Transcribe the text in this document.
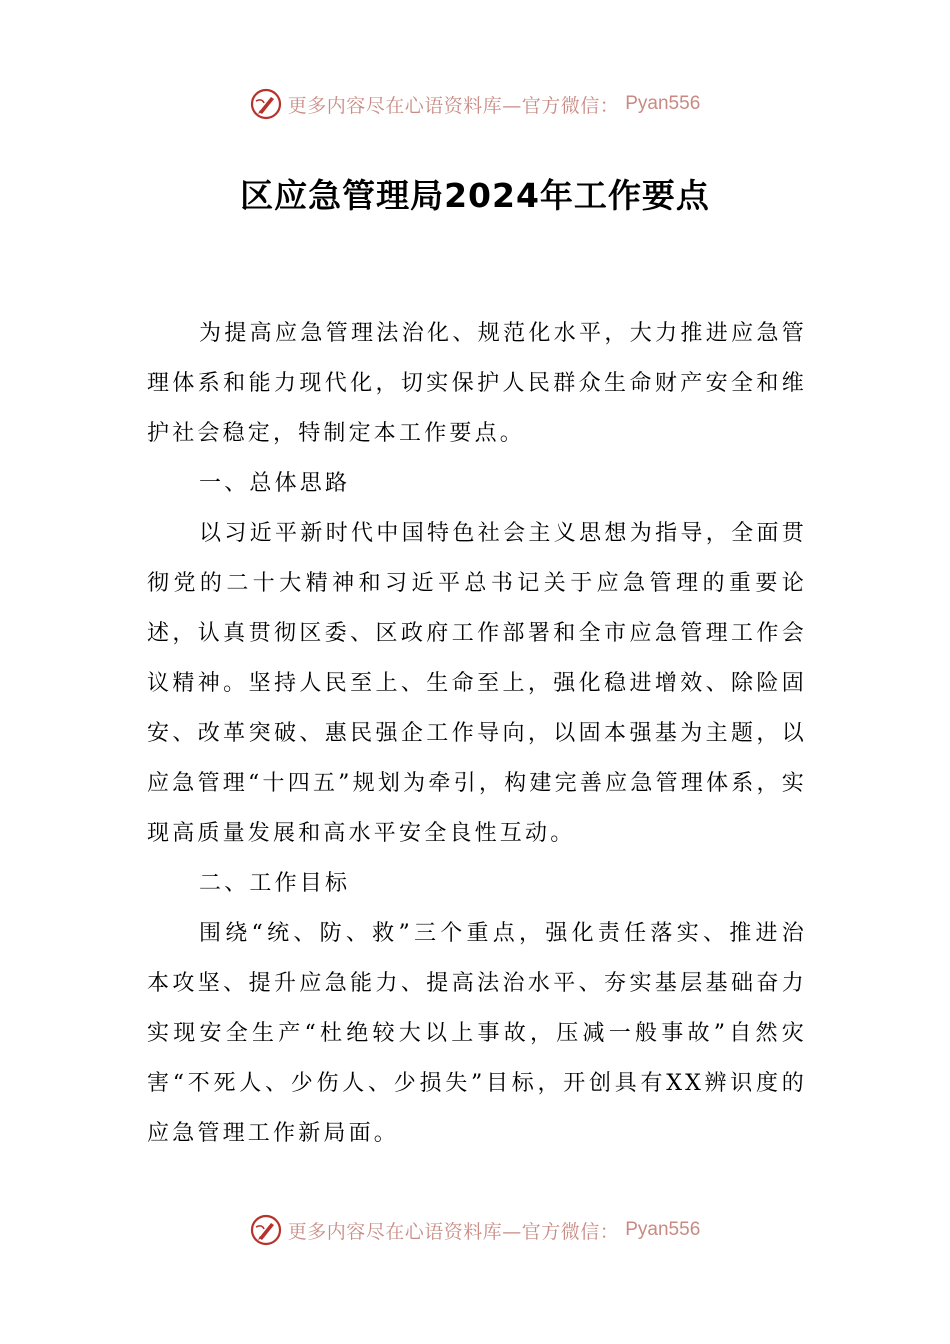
更多内容尽在心语资料库—官方微信： Pyan556
区应急管理局2024年工作要点

为提高应急管理法治化、规范化水平，大力推进应急管理体系和能力现代化，切实保护人民群众生命财产安全和维护社会稳定，特制定本工作要点。

一、总体思路

以习近平新时代中国特色社会主义思想为指导，全面贯彻党的二十大精神和习近平总书记关于应急管理的重要论述，认真贯彻区委、区政府工作部署和全市应急管理工作会议精神。坚持人民至上、生命至上，强化稳进增效、除险固安、改革突破、惠民强企工作导向，以固本强基为主题，以应急管理“十四五”规划为牵引，构建完善应急管理体系，实现高质量发展和高水平安全良性互动。

二、工作目标

围绕“统、防、救”三个重点，强化责任落实、推进治本攻坚、提升应急能力、提高法治水平、夯实基层基础奋力实现安全生产“杜绝较大以上事故，压减一般事故”自然灾害“不死人、少伤人、少损失”目标，开创具有XX辨识度的应急管理工作新局面。

更多内容尽在心语资料库—官方微信： Pyan556
